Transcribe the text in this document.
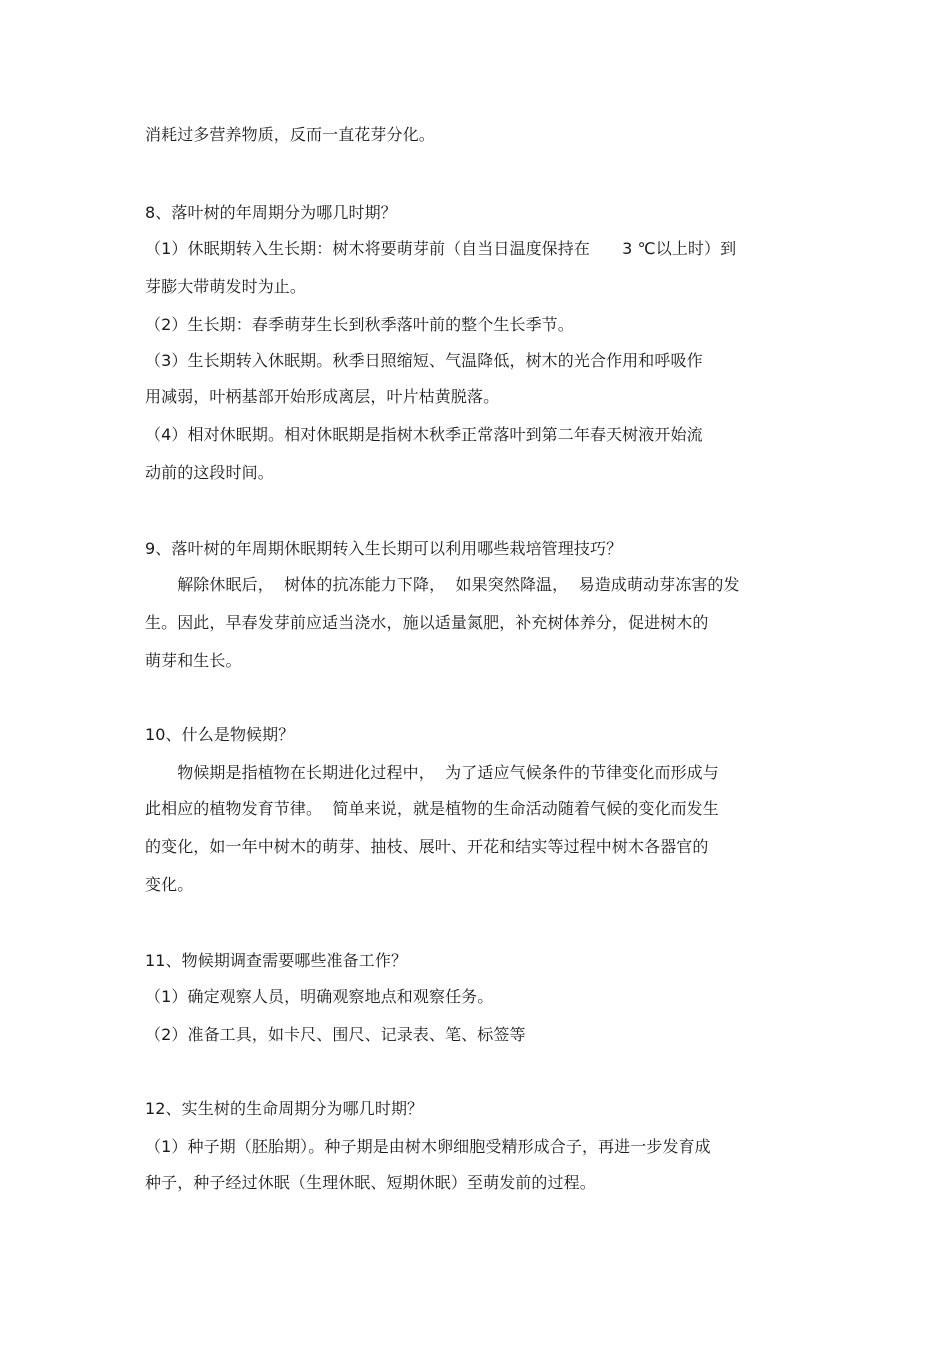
消耗过多营养物质，反而一直花芽分化。
8、落叶树的年周期分为哪几时期？
（1）休眠期转入生长期：树木将要萌芽前（自当日温度保持在　　3 ℃以上时）到
芽膨大带萌发时为止。
（2）生长期：春季萌芽生长到秋季落叶前的整个生长季节。
（3）生长期转入休眠期。秋季日照缩短、气温降低，树木的光合作用和呼吸作
用减弱，叶柄基部开始形成离层，叶片枯黄脱落。
（4）相对休眠期。相对休眠期是指树木秋季正常落叶到第二年春天树液开始流
动前的这段时间。
9、落叶树的年周期休眠期转入生长期可以利用哪些栽培管理技巧？
　　解除休眠后，  树体的抗冻能力下降，  如果突然降温，  易造成萌动芽冻害的发
生。因此，早春发芽前应适当浇水，施以适量氮肥，补充树体养分，促进树木的
萌芽和生长。
10、什么是物候期？
　　物候期是指植物在长期进化过程中，  为了适应气候条件的节律变化而形成与
此相应的植物发育节律。  简单来说，就是植物的生命活动随着气候的变化而发生
的变化，如一年中树木的萌芽、抽枝、展叶、开花和结实等过程中树木各器官的
变化。
11、物候期调查需要哪些准备工作？
（1）确定观察人员，明确观察地点和观察任务。
（2）准备工具，如卡尺、围尺、记录表、笔、标签等
12、实生树的生命周期分为哪几时期？
（1）种子期（胚胎期）。种子期是由树木卵细胞受精形成合子，再进一步发育成
种子，种子经过休眠（生理休眠、短期休眠）至萌发前的过程。
